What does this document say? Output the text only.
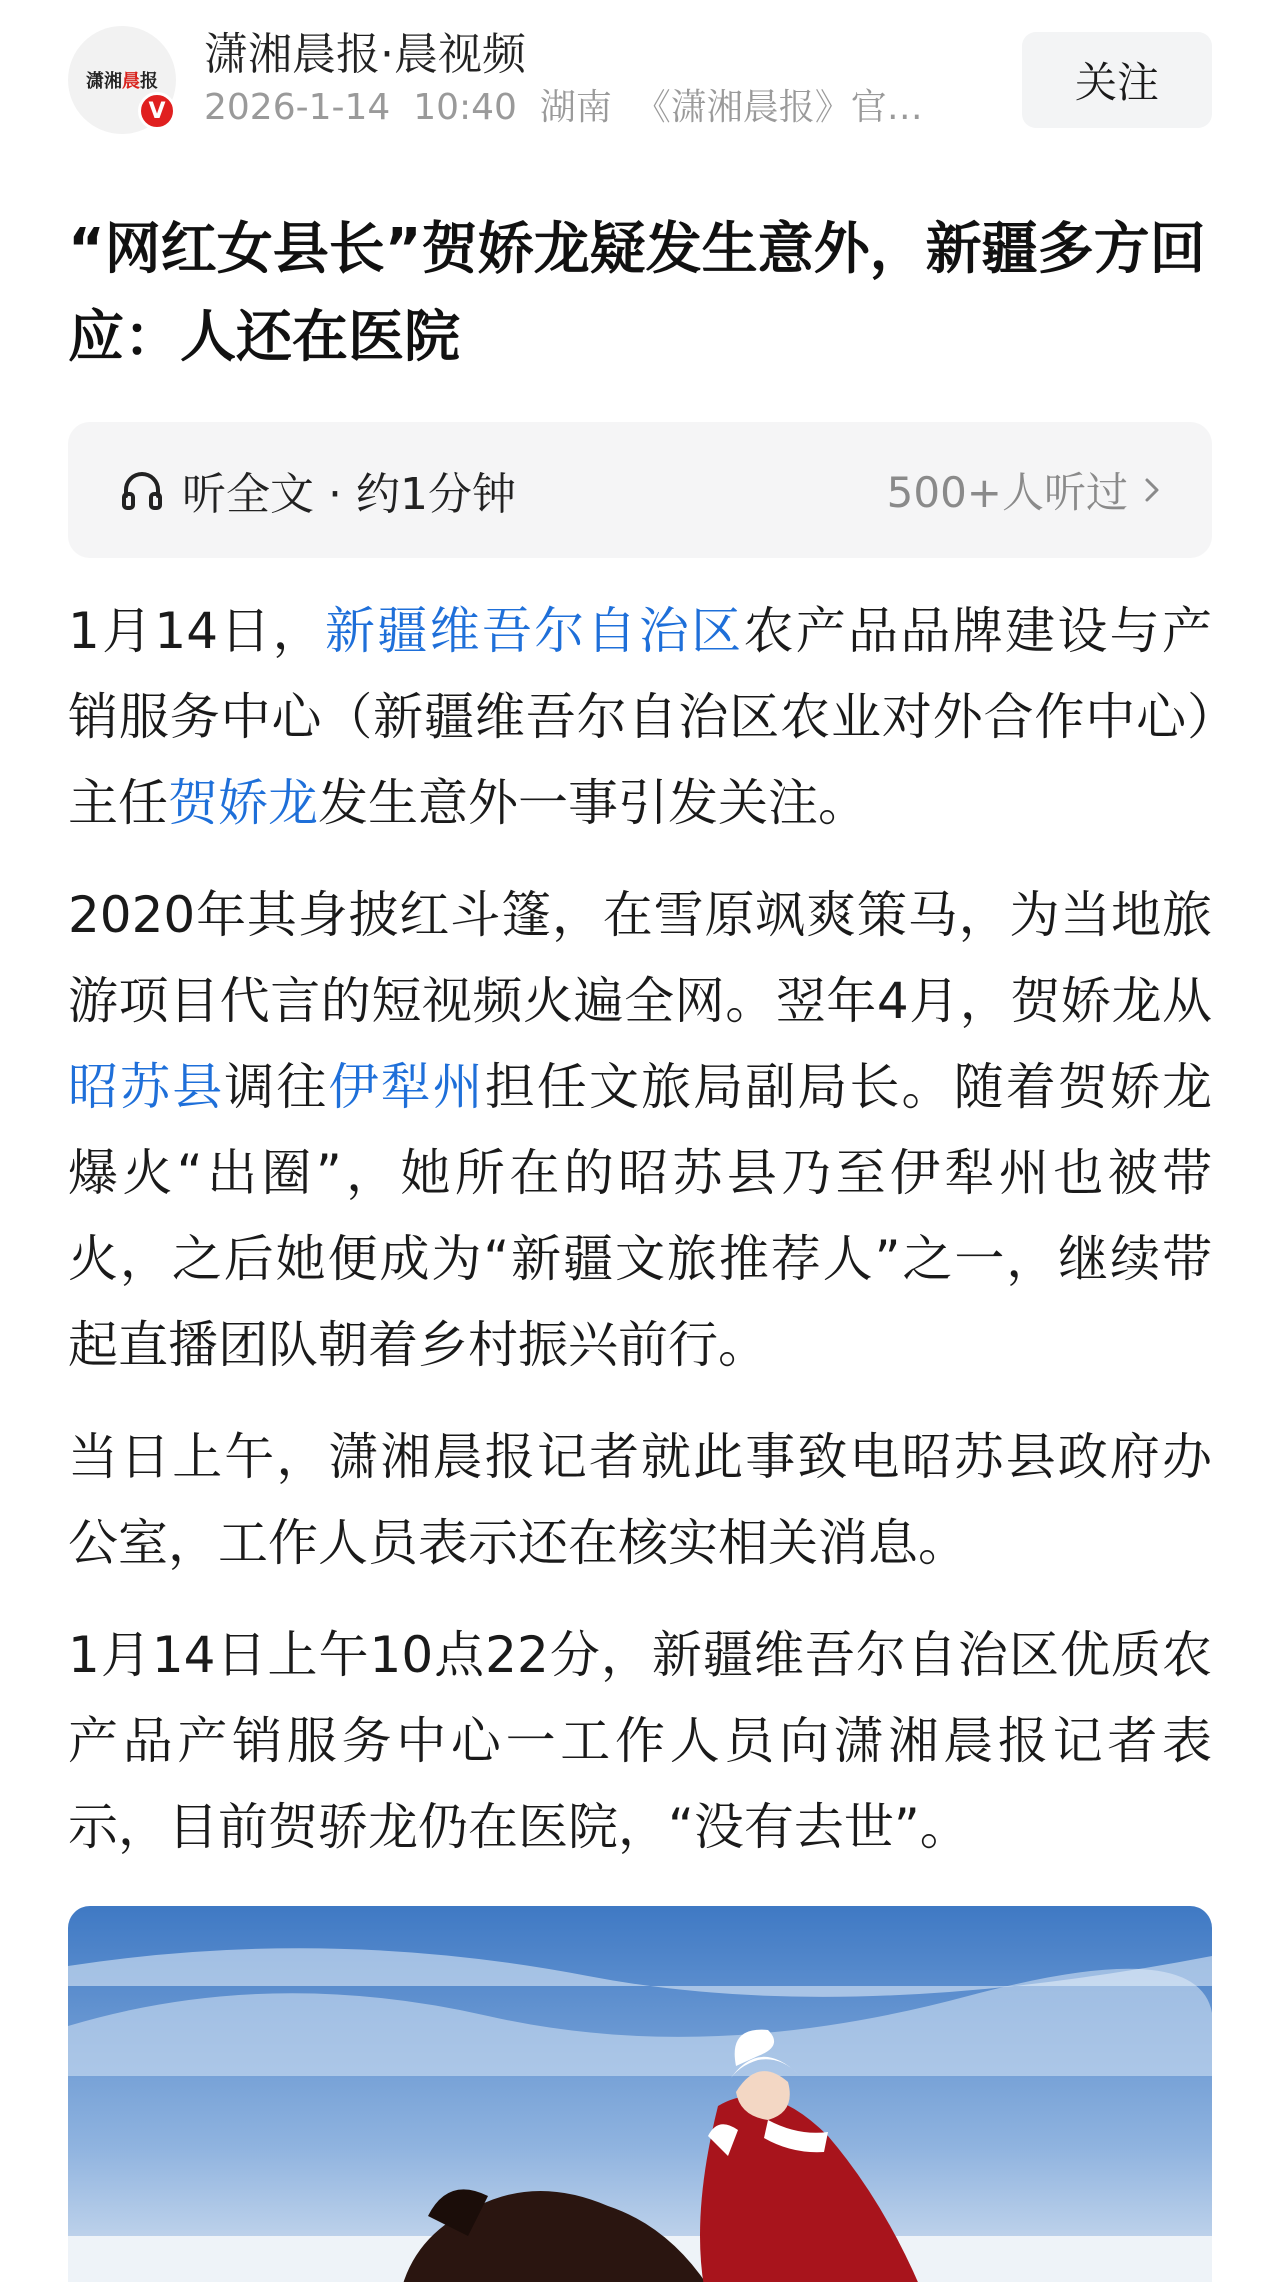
潇湘晨报
V
潇湘晨报·晨视频
2026-1-14 10:40 湖南 《潇湘晨报》官…
关注
“网红女县长”贺娇龙疑发生意外，新疆多方回应：人还在医院
听全文 · 约1分钟	500+人听过

1月14日，新疆维吾尔自治区农产品品牌建设与产销服务中心（新疆维吾尔自治区农业对外合作中心）主任贺娇龙发生意外一事引发关注。

2020年其身披红斗篷，在雪原飒爽策马，为当地旅游项目代言的短视频火遍全网。翌年4月，贺娇龙从昭苏县调往伊犁州担任文旅局副局长。随着贺娇龙爆火“出圈”，她所在的昭苏县乃至伊犁州也被带火，之后她便成为“新疆文旅推荐人”之一，继续带起直播团队朝着乡村振兴前行。

当日上午，潇湘晨报记者就此事致电昭苏县政府办公室，工作人员表示还在核实相关消息。

1月14日上午10点22分，新疆维吾尔自治区优质农产品产销服务中心一工作人员向潇湘晨报记者表示，目前贺骄龙仍在医院，“没有去世”。
